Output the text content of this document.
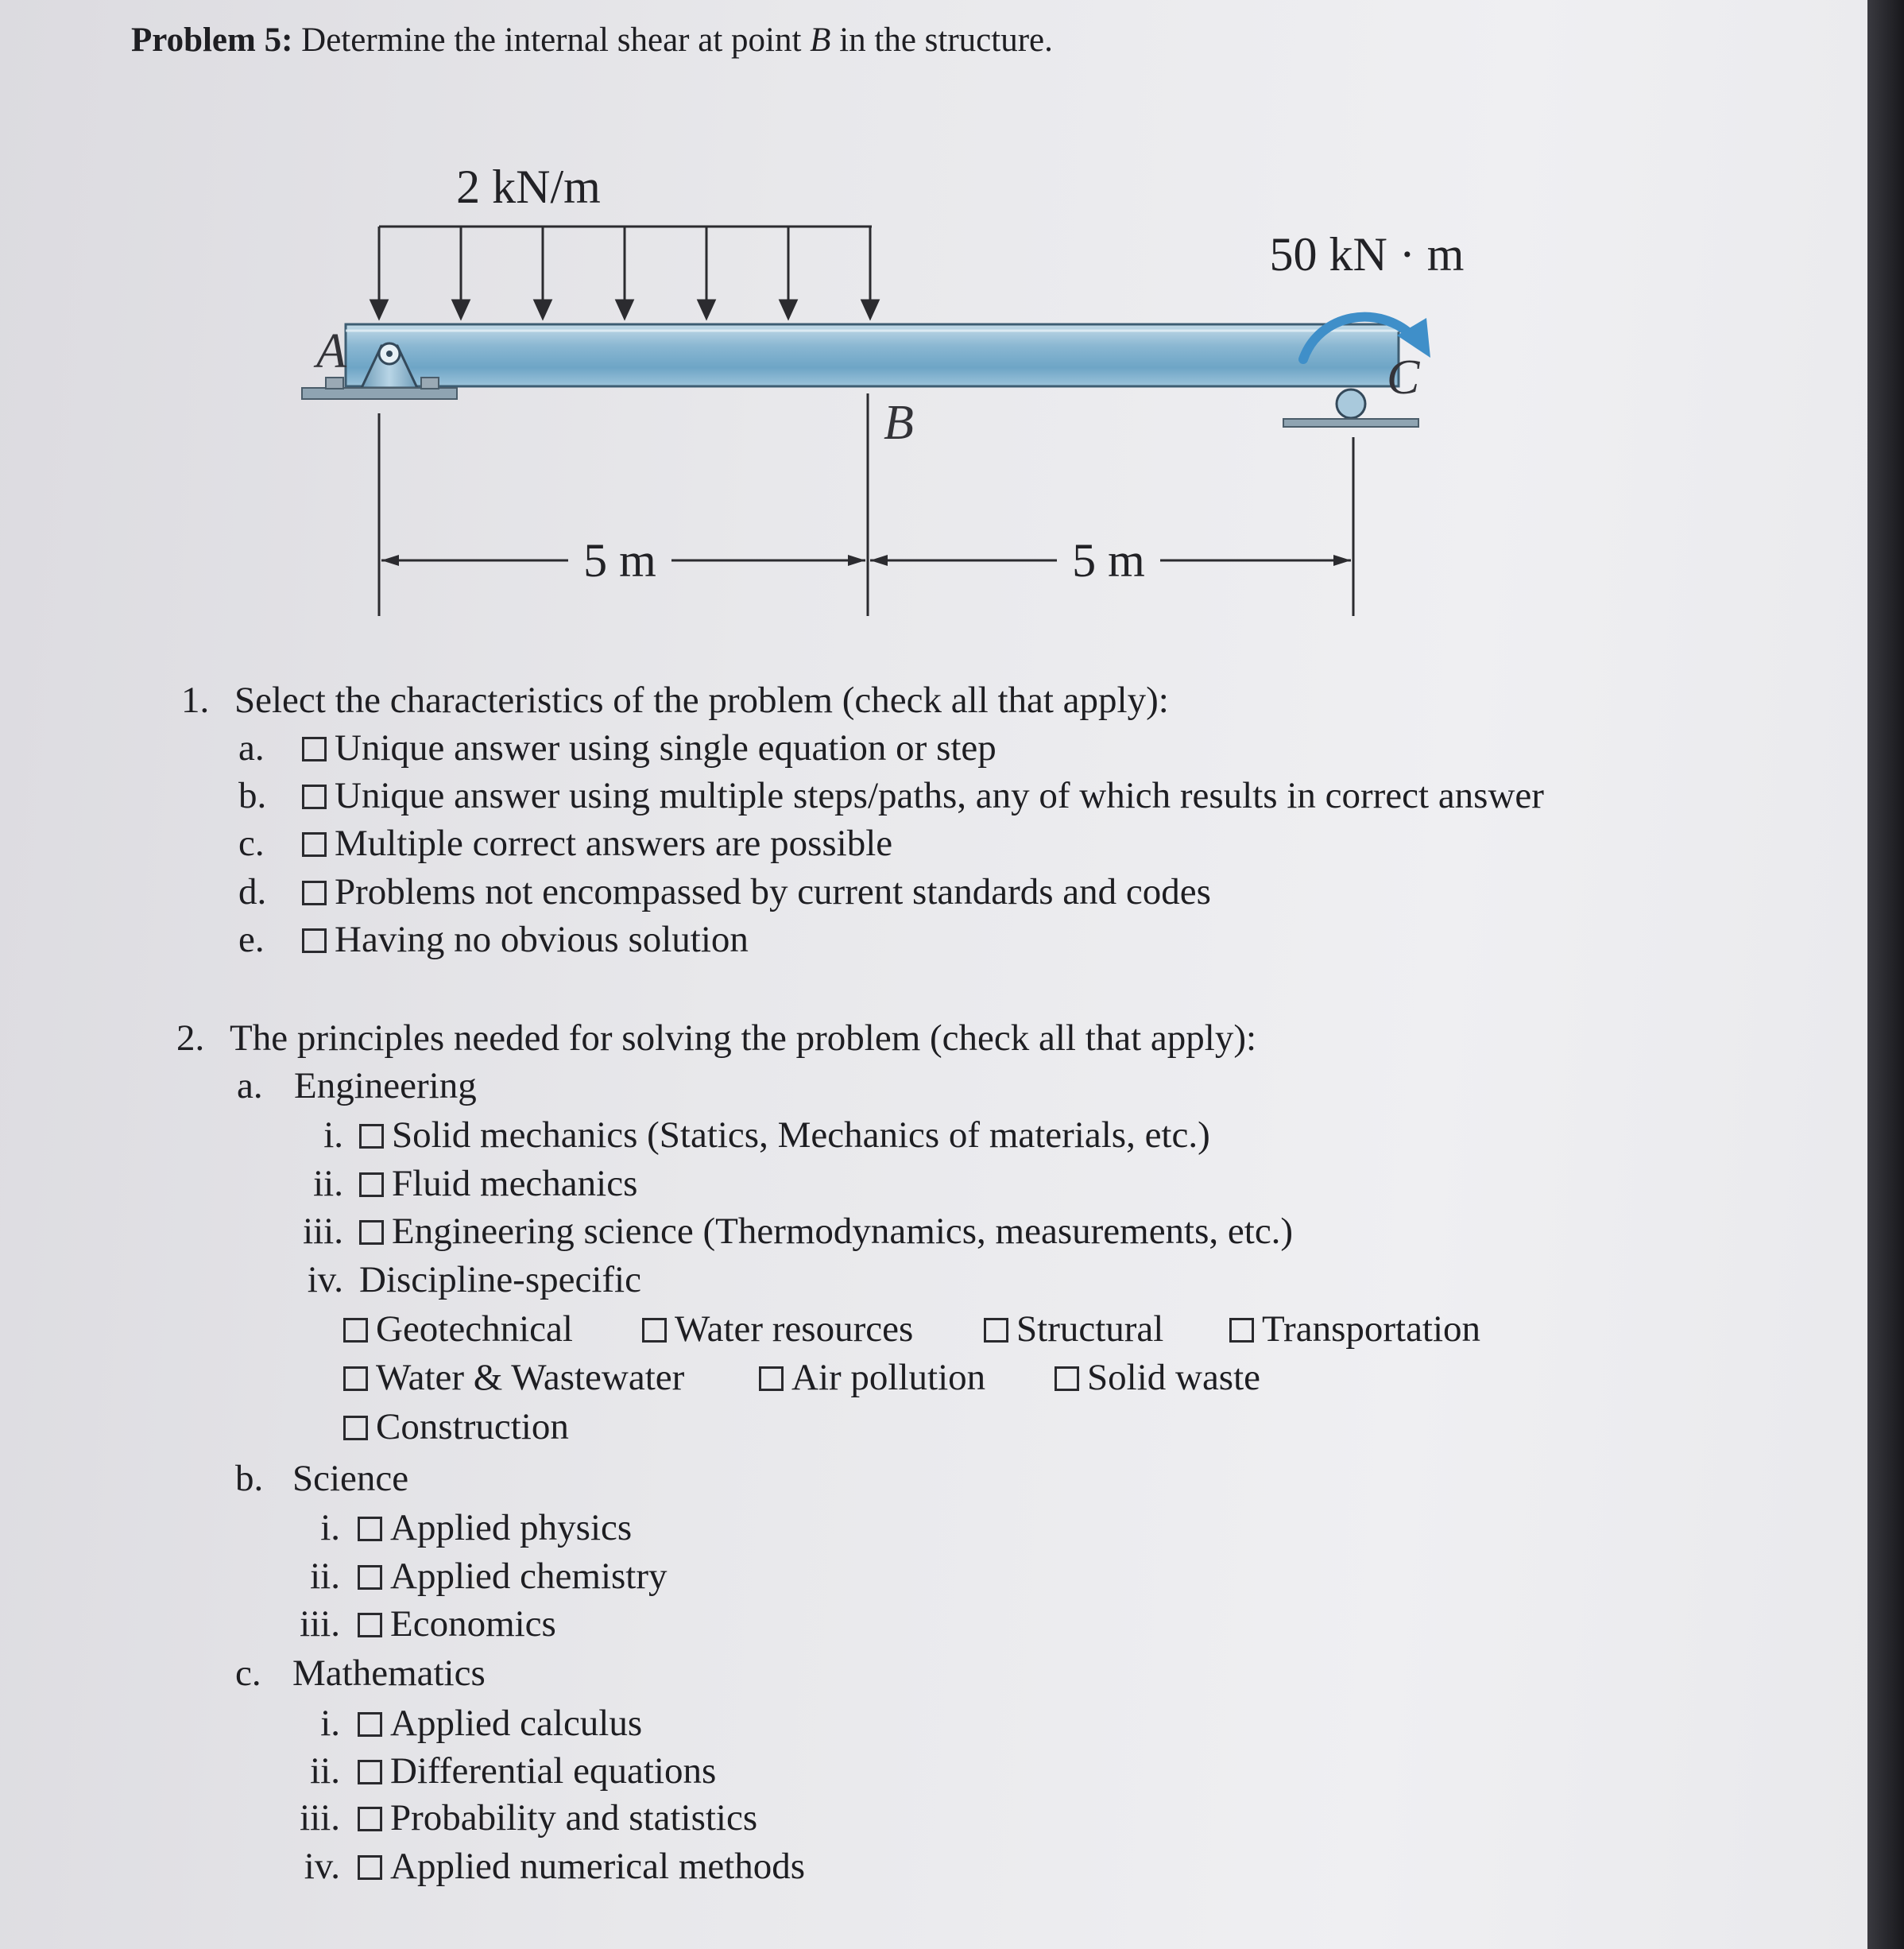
Problem 5: Determine the internal shear at point B in the structure.
2 kN/m
50 kN · m
A	C
B
5 m	5 m
1. Select the characteristics of the problem (check all that apply):
a. Unique answer using single equation or step
b. Unique answer using multiple steps/paths, any of which results in correct answer
c. Multiple correct answers are possible
d. Problems not encompassed by current standards and codes
e. Having no obvious solution
2. The principles needed for solving the problem (check all that apply):
a. Engineering
i. Solid mechanics (Statics, Mechanics of materials, etc.)
ii. Fluid mechanics
iii. Engineering science (Thermodynamics, measurements, etc.)
iv. Discipline-specific
Geotechnical	Water resources	Structural	Transportation
Water & Wastewater	Air pollution	Solid waste
Construction
b. Science
i. Applied physics
ii. Applied chemistry
iii. Economics
c. Mathematics
i. Applied calculus
ii. Differential equations
iii. Probability and statistics
iv. Applied numerical methods
